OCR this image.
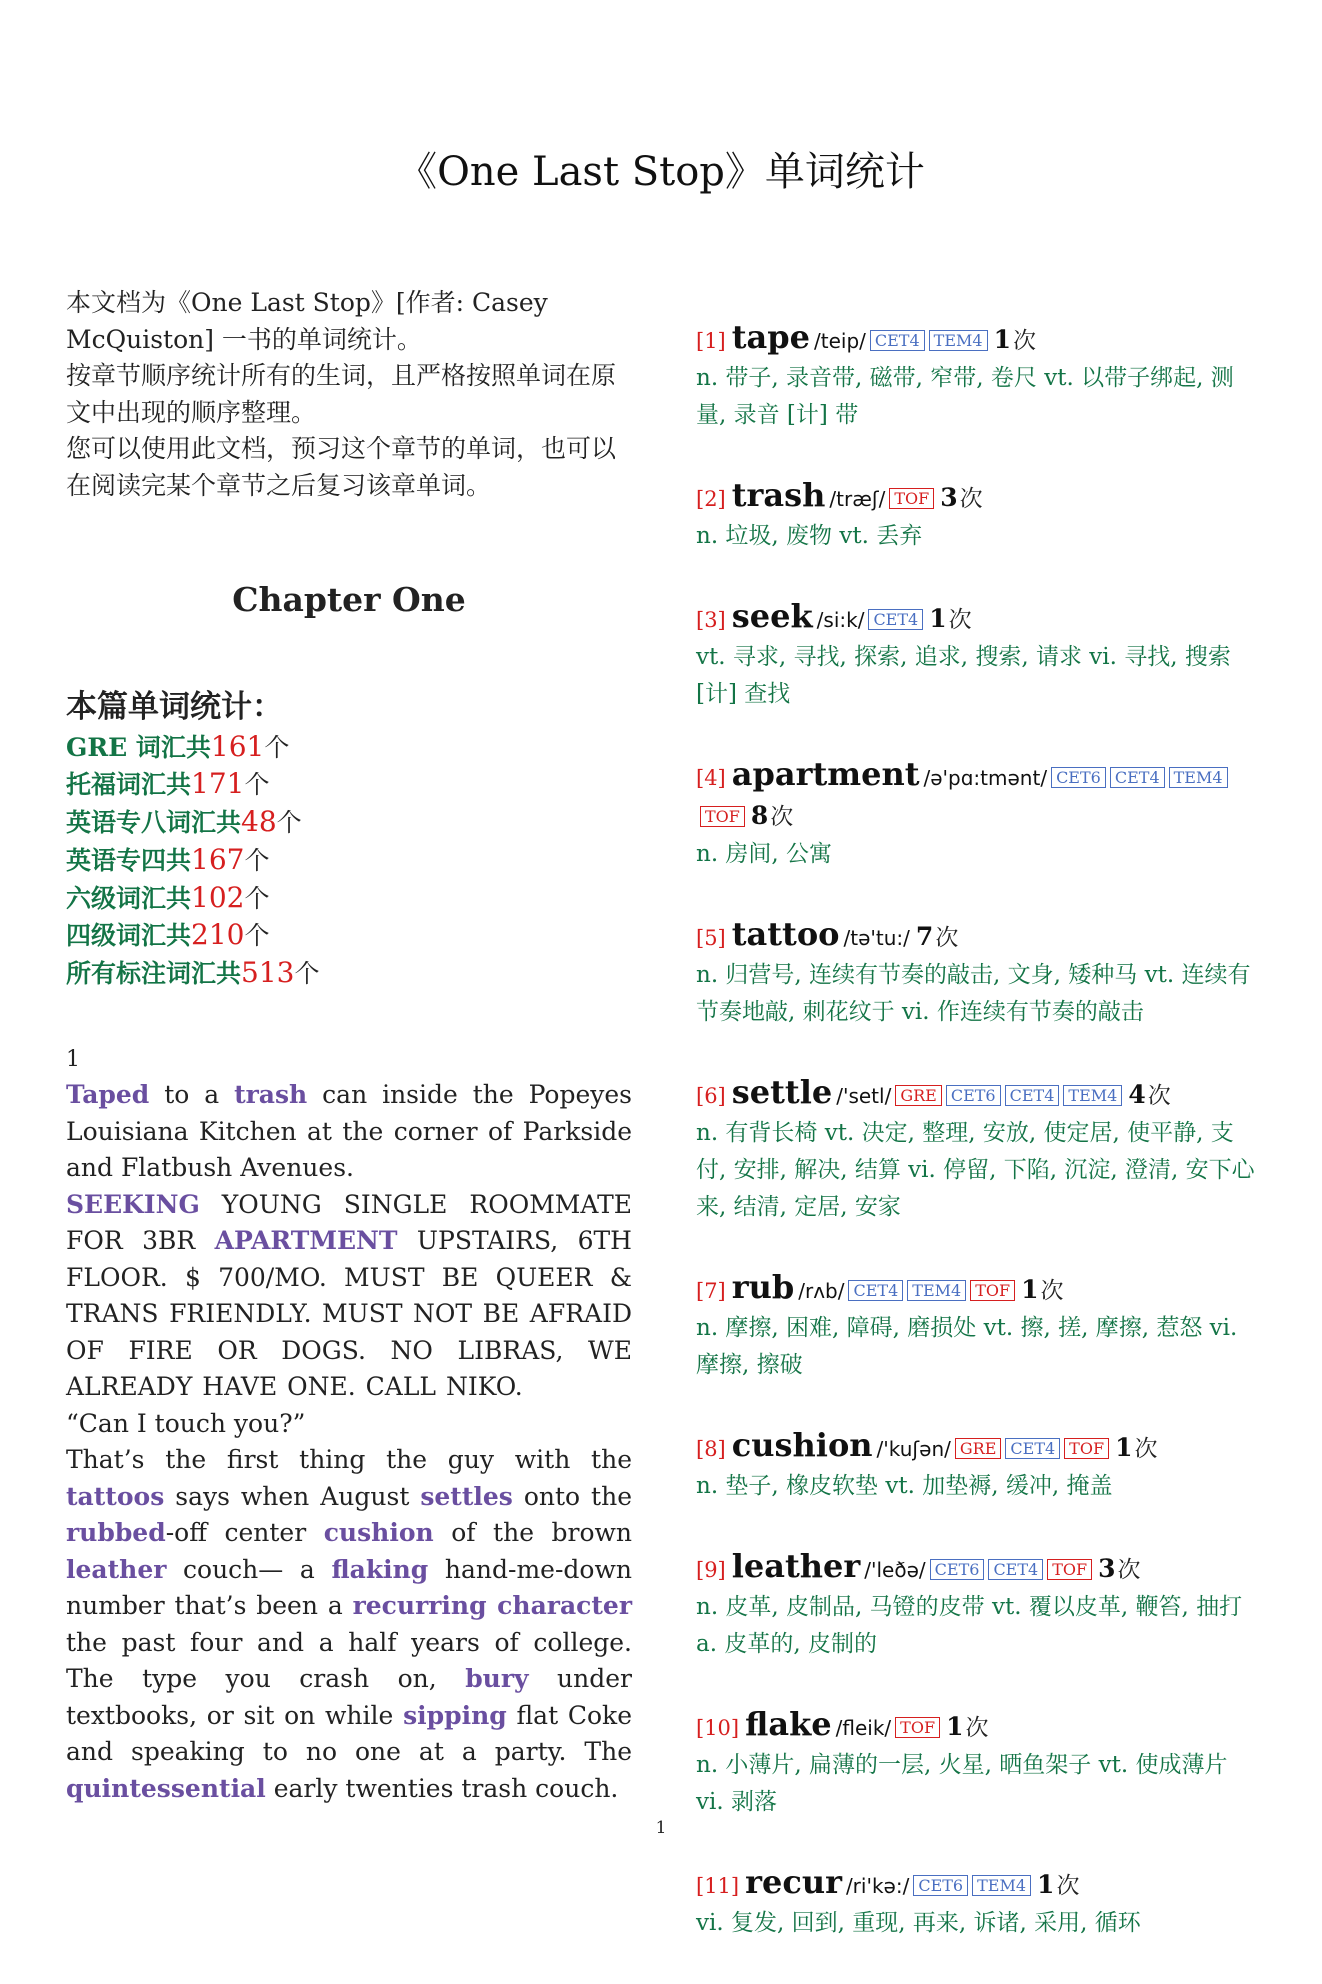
《One Last Stop》单词统计

本文档为《One Last Stop》[作者: Casey McQuiston] 一书的单词统计。

按章节顺序统计所有的生词，且严格按照单词在原文中出现的顺序整理。

您可以使用此文档，预习这个章节的单词，也可以在阅读完某个章节之后复习该章单词。

Chapter One
本篇单词统计：
GRE 词汇共161个
托福词汇共171个
英语专八词汇共48个
英语专四共167个
六级词汇共102个
四级词汇共210个
所有标注词汇共513个
1

Taped to a trash can inside the Popeyes Louisiana Kitchen at the corner of Parkside and Flatbush Avenues.

SEEKING YOUNG SINGLE ROOMMATE FOR 3BR APARTMENT UPSTAIRS, 6TH FLOOR. $ 700/MO. MUST BE QUEER & TRANS FRIENDLY. MUST NOT BE AFRAID OF FIRE OR DOGS. NO LIBRAS, WE ALREADY HAVE ONE. CALL NIKO.

“Can I touch you?”

That’s the first thing the guy with the tattoos says when August settles onto the rubbed-off center cushion of the brown leather couch— a flaking hand-me-down number that’s been a recurring character the past four and a half years of college. The type you crash on, bury under textbooks, or sit on while sipping flat Coke and speaking to no one at a party. The quintessential early twenties trash couch.

[1] tape /teip/ CET4 TEM4 1次
n. 带子, 录音带, 磁带, 窄带, 卷尺 vt. 以带子绑起, 测量, 录音 [计] 带
[2] trash /træʃ/ TOF 3次
n. 垃圾, 废物 vt. 丢弃
[3] seek /si:k/ CET4 1次
vt. 寻求, 寻找, 探索, 追求, 搜索, 请求 vi. 寻找, 搜索 [计] 查找
[4] apartment /ə'pɑ:tmənt/ CET6 CET4 TEM4TOF 8次
n. 房间, 公寓
[5] tattoo /tə'tu:/ 7次
n. 归营号, 连续有节奏的敲击, 文身, 矮种马 vt. 连续有节奏地敲, 刺花纹于 vi. 作连续有节奏的敲击
[6] settle /'setl/ GRE CET6 CET4 TEM4 4次
n. 有背长椅 vt. 决定, 整理, 安放, 使定居, 使平静, 支付, 安排, 解决, 结算 vi. 停留, 下陷, 沉淀, 澄清, 安下心来, 结清, 定居, 安家
[7] rub /rʌb/ CET4 TEM4 TOF 1次
n. 摩擦, 困难, 障碍, 磨损处 vt. 擦, 搓, 摩擦, 惹怒 vi. 摩擦, 擦破
[8] cushion /'kuʃən/ GRE CET4 TOF 1次
n. 垫子, 橡皮软垫 vt. 加垫褥, 缓冲, 掩盖
[9] leather /'leðə/ CET6 CET4 TOF 3次
n. 皮革, 皮制品, 马镫的皮带 vt. 覆以皮革, 鞭笞, 抽打 a. 皮革的, 皮制的
[10] flake /fleik/ TOF 1次
n. 小薄片, 扁薄的一层, 火星, 晒鱼架子 vt. 使成薄片 vi. 剥落
[11] recur /ri'kə:/ CET6 TEM4 1次
vi. 复发, 回到, 重现, 再来, 诉诸, 采用, 循环
1
